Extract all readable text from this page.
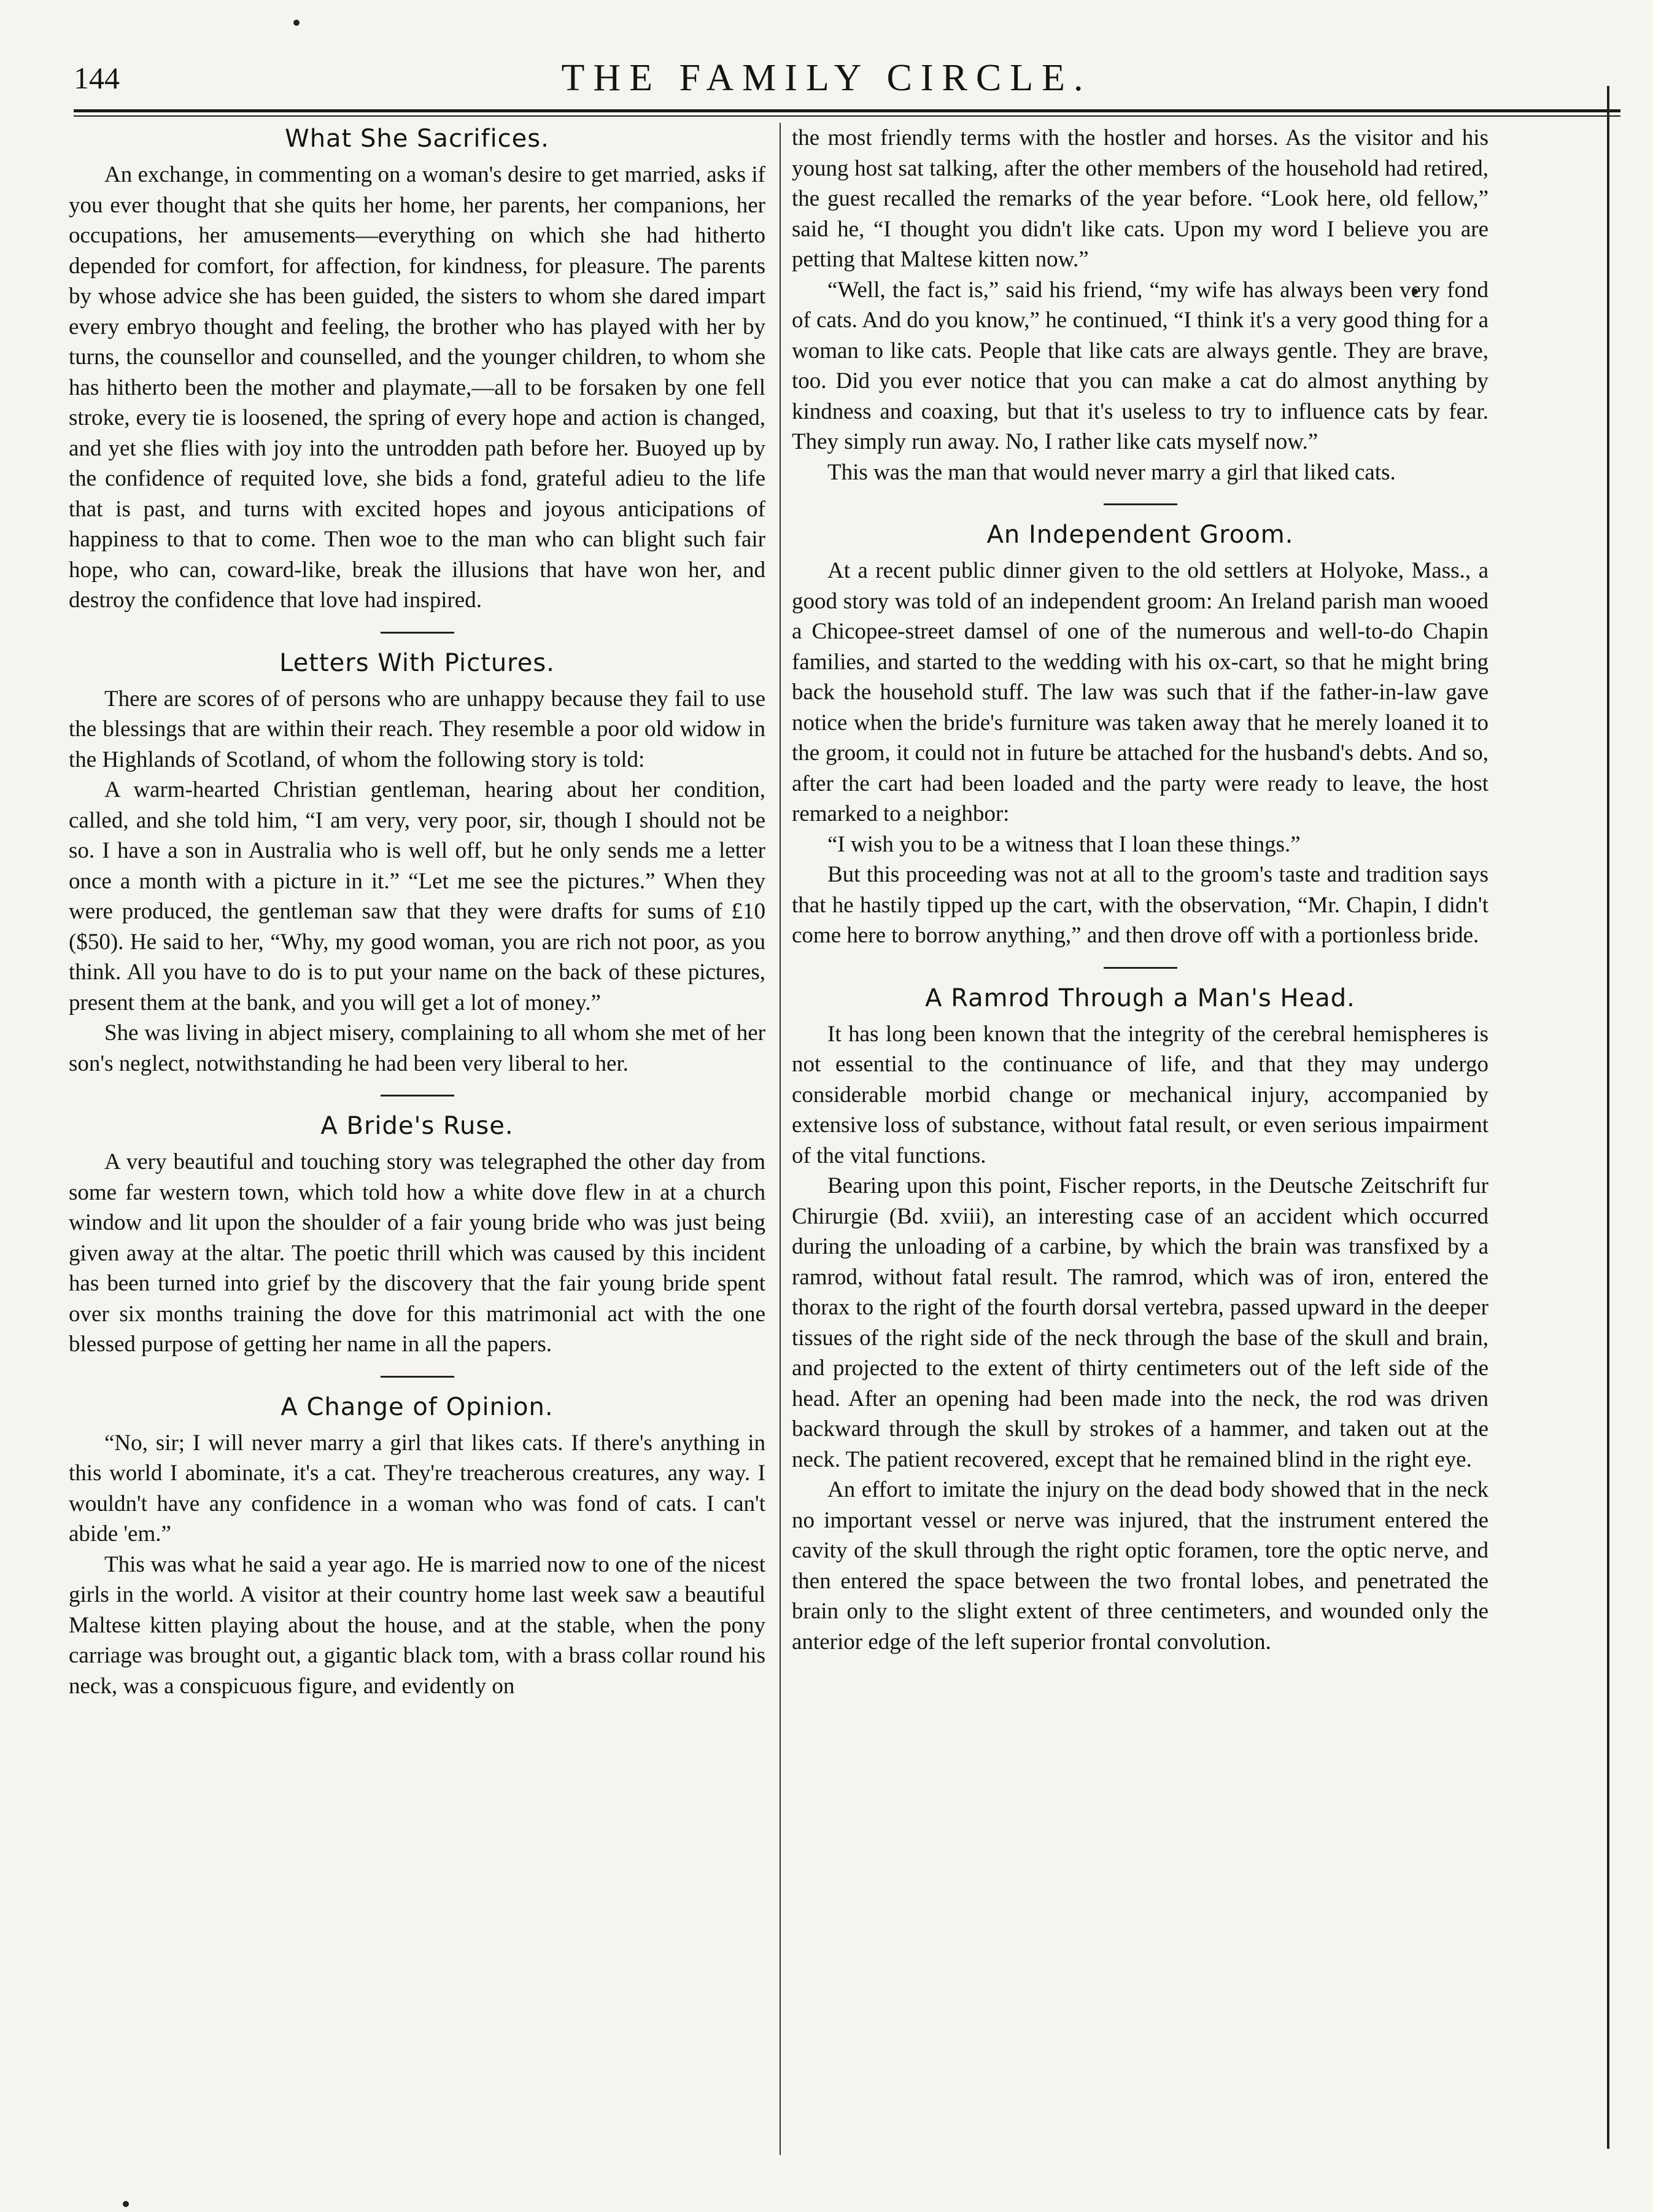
144	THE FAMILY CIRCLE.
What She Sacrifices.

An exchange, in commenting on a woman's desire to get married, asks if you ever thought that she quits her home, her parents, her companions, her occupations, her amusements—everything on which she had hitherto depended for comfort, for affection, for kindness, for pleasure. The parents by whose advice she has been guided, the sisters to whom she dared impart every embryo thought and feeling, the brother who has played with her by turns, the counsellor and counselled, and the younger children, to whom she has hitherto been the mother and playmate,—all to be forsaken by one fell stroke, every tie is loosened, the spring of every hope and action is changed, and yet she flies with joy into the untrodden path before her. Buoyed up by the confidence of requited love, she bids a fond, grateful adieu to the life that is past, and turns with excited hopes and joyous anticipations of happiness to that to come. Then woe to the man who can blight such fair hope, who can, coward-like, break the illusions that have won her, and destroy the confidence that love had inspired.

Letters With Pictures.

There are scores of of persons who are unhappy because they fail to use the blessings that are within their reach. They resemble a poor old widow in the Highlands of Scotland, of whom the following story is told:

A warm-hearted Christian gentleman, hearing about her condition, called, and she told him, “I am very, very poor, sir, though I should not be so. I have a son in Australia who is well off, but he only sends me a letter once a month with a picture in it.” “Let me see the pictures.” When they were produced, the gentleman saw that they were drafts for sums of £10 ($50). He said to her, “Why, my good woman, you are rich not poor, as you think. All you have to do is to put your name on the back of these pictures, present them at the bank, and you will get a lot of money.”

She was living in abject misery, complaining to all whom she met of her son's neglect, notwithstanding he had been very liberal to her.

A Bride's Ruse.

A very beautiful and touching story was telegraphed the other day from some far western town, which told how a white dove flew in at a church window and lit upon the shoulder of a fair young bride who was just being given away at the altar. The poetic thrill which was caused by this incident has been turned into grief by the discovery that the fair young bride spent over six months training the dove for this matrimonial act with the one blessed purpose of getting her name in all the papers.

A Change of Opinion.

“No, sir; I will never marry a girl that likes cats. If there's anything in this world I abominate, it's a cat. They're treacherous creatures, any way. I wouldn't have any confidence in a woman who was fond of cats. I can't abide 'em.”

This was what he said a year ago. He is married now to one of the nicest girls in the world. A visitor at their country home last week saw a beautiful Maltese kitten playing about the house, and at the stable, when the pony carriage was brought out, a gigantic black tom, with a brass collar round his neck, was a conspicuous figure, and evidently on

the most friendly terms with the hostler and horses. As the visitor and his young host sat talking, after the other members of the household had retired, the guest recalled the remarks of the year before. “Look here, old fellow,” said he, “I thought you didn't like cats. Upon my word I believe you are petting that Maltese kitten now.”

“Well, the fact is,” said his friend, “my wife has always been very fond of cats. And do you know,” he continued, “I think it's a very good thing for a woman to like cats. People that like cats are always gentle. They are brave, too. Did you ever notice that you can make a cat do almost anything by kindness and coaxing, but that it's useless to try to influence cats by fear. They simply run away. No, I rather like cats myself now.”

This was the man that would never marry a girl that liked cats.

An Independent Groom.

At a recent public dinner given to the old settlers at Holyoke, Mass., a good story was told of an independent groom: An Ireland parish man wooed a Chicopee-street damsel of one of the numerous and well-to-do Chapin families, and started to the wedding with his ox-cart, so that he might bring back the household stuff. The law was such that if the father-in-law gave notice when the bride's furniture was taken away that he merely loaned it to the groom, it could not in future be attached for the husband's debts. And so, after the cart had been loaded and the party were ready to leave, the host remarked to a neighbor:

“I wish you to be a witness that I loan these things.”

But this proceeding was not at all to the groom's taste and tradition says that he hastily tipped up the cart, with the observation, “Mr. Chapin, I didn't come here to borrow anything,” and then drove off with a portionless bride.

A Ramrod Through a Man's Head.

It has long been known that the integrity of the cerebral hemispheres is not essential to the continuance of life, and that they may undergo considerable morbid change or mechanical injury, accompanied by extensive loss of substance, without fatal result, or even serious impairment of the vital functions.

Bearing upon this point, Fischer reports, in the Deutsche Zeitschrift fur Chirurgie (Bd. xviii), an interesting case of an accident which occurred during the unloading of a carbine, by which the brain was transfixed by a ramrod, without fatal result. The ramrod, which was of iron, entered the thorax to the right of the fourth dorsal vertebra, passed upward in the deeper tissues of the right side of the neck through the base of the skull and brain, and projected to the extent of thirty centimeters out of the left side of the head. After an opening had been made into the neck, the rod was driven backward through the skull by strokes of a hammer, and taken out at the neck. The patient recovered, except that he remained blind in the right eye.

An effort to imitate the injury on the dead body showed that in the neck no important vessel or nerve was injured, that the instrument entered the cavity of the skull through the right optic foramen, tore the optic nerve, and then entered the space between the two frontal lobes, and penetrated the brain only to the slight extent of three centimeters, and wounded only the anterior edge of the left superior frontal convolution.
